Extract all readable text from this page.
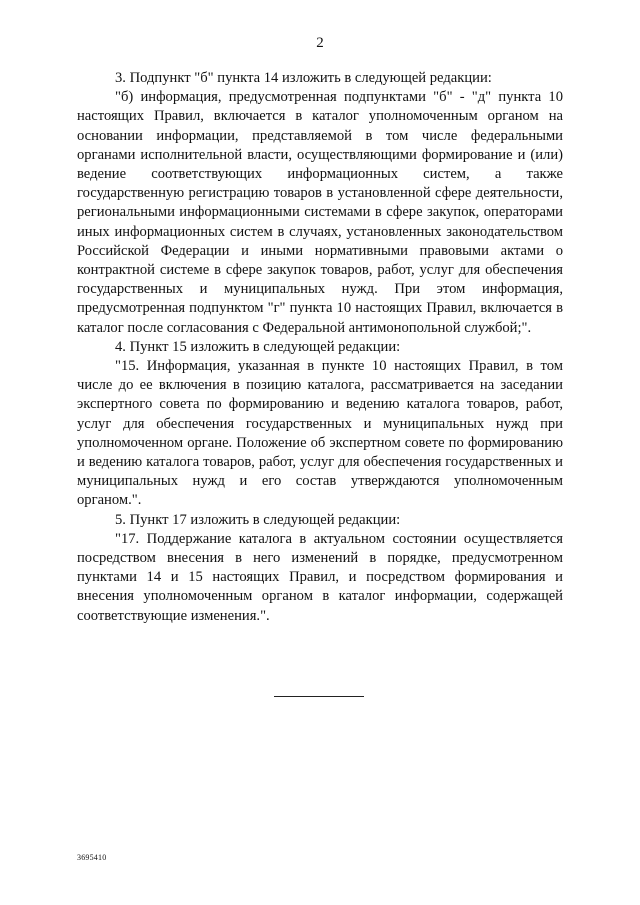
2

3. Подпункт "б" пункта 14 изложить в следующей редакции:

"б) информация, предусмотренная подпунктами "б" - "д" пункта 10 настоящих Правил, включается в каталог уполномоченным органом на основании информации, представляемой в том числе федеральными органами исполнительной власти, осуществляющими формирование и (или) ведение соответствующих информационных систем, а также государственную регистрацию товаров в установленной сфере деятельности, региональными информационными системами в сфере закупок, операторами иных информационных систем в случаях, установленных законодательством Российской Федерации и иными нормативными правовыми актами о контрактной системе в сфере закупок товаров, работ, услуг для обеспечения государственных и муниципальных нужд. При этом информация, предусмотренная подпунктом "г" пункта 10 настоящих Правил, включается в каталог после согласования с Федеральной антимонопольной службой;".

4. Пункт 15 изложить в следующей редакции:

"15. Информация, указанная в пункте 10 настоящих Правил, в том числе до ее включения в позицию каталога, рассматривается на заседании экспертного совета по формированию и ведению каталога товаров, работ, услуг для обеспечения государственных и муниципальных нужд при уполномоченном органе. Положение об экспертном совете по формированию и ведению каталога товаров, работ, услуг для обеспечения государственных и муниципальных нужд и его состав утверждаются уполномоченным органом.".

5. Пункт 17 изложить в следующей редакции:

"17. Поддержание каталога в актуальном состоянии осуществляется посредством внесения в него изменений в порядке, предусмотренном пунктами 14 и 15 настоящих Правил, и посредством формирования и внесения уполномоченным органом в каталог информации, содержащей соответствующие изменения.".

3695410
